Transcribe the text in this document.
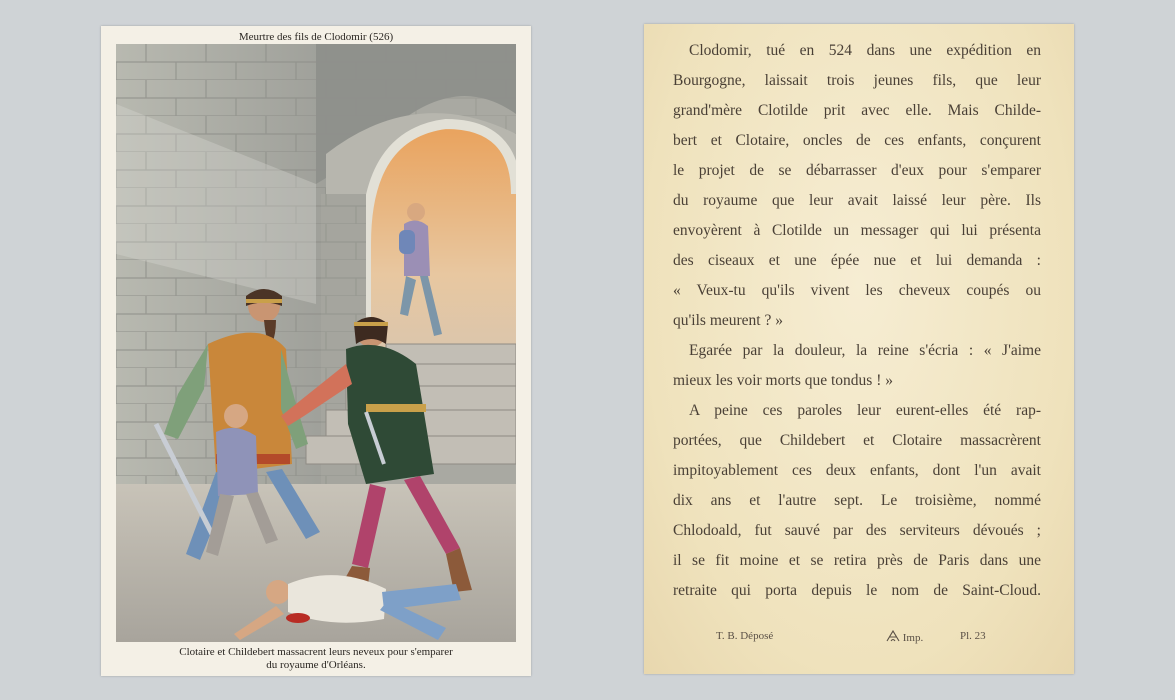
Meurtre des fils de Clodomir (526)
Clotaire et Childebert massacrent leurs neveux pour s'emparer
du royaume d'Orléans.
Clodomir, tué en 524 dans une expédition en
Bourgogne, laissait trois jeunes fils, que leur
grand'mère Clotilde prit avec elle. Mais Childe-
bert et Clotaire, oncles de ces enfants, conçurent
le projet de se débarrasser d'eux pour s'emparer
du royaume que leur avait laissé leur père. Ils
envoyèrent à Clotilde un messager qui lui présenta
des ciseaux et une épée nue et lui demanda :
« Veux-tu qu'ils vivent les cheveux coupés ou
qu'ils meurent ? »
Egarée par la douleur, la reine s'écria : « J'aime
mieux les voir morts que tondus ! »
A peine ces paroles leur eurent-elles été rap-
portées, que Childebert et Clotaire massacrèrent
impitoyablement ces deux enfants, dont l'un avait
dix ans et l'autre sept. Le troisième, nommé
Chlodoald, fut sauvé par des serviteurs dévoués ;
il se fit moine et se retira près de Paris dans une
retraite qui porta depuis le nom de Saint-Cloud.
T. B. Déposé	Imp.	Pl. 23
